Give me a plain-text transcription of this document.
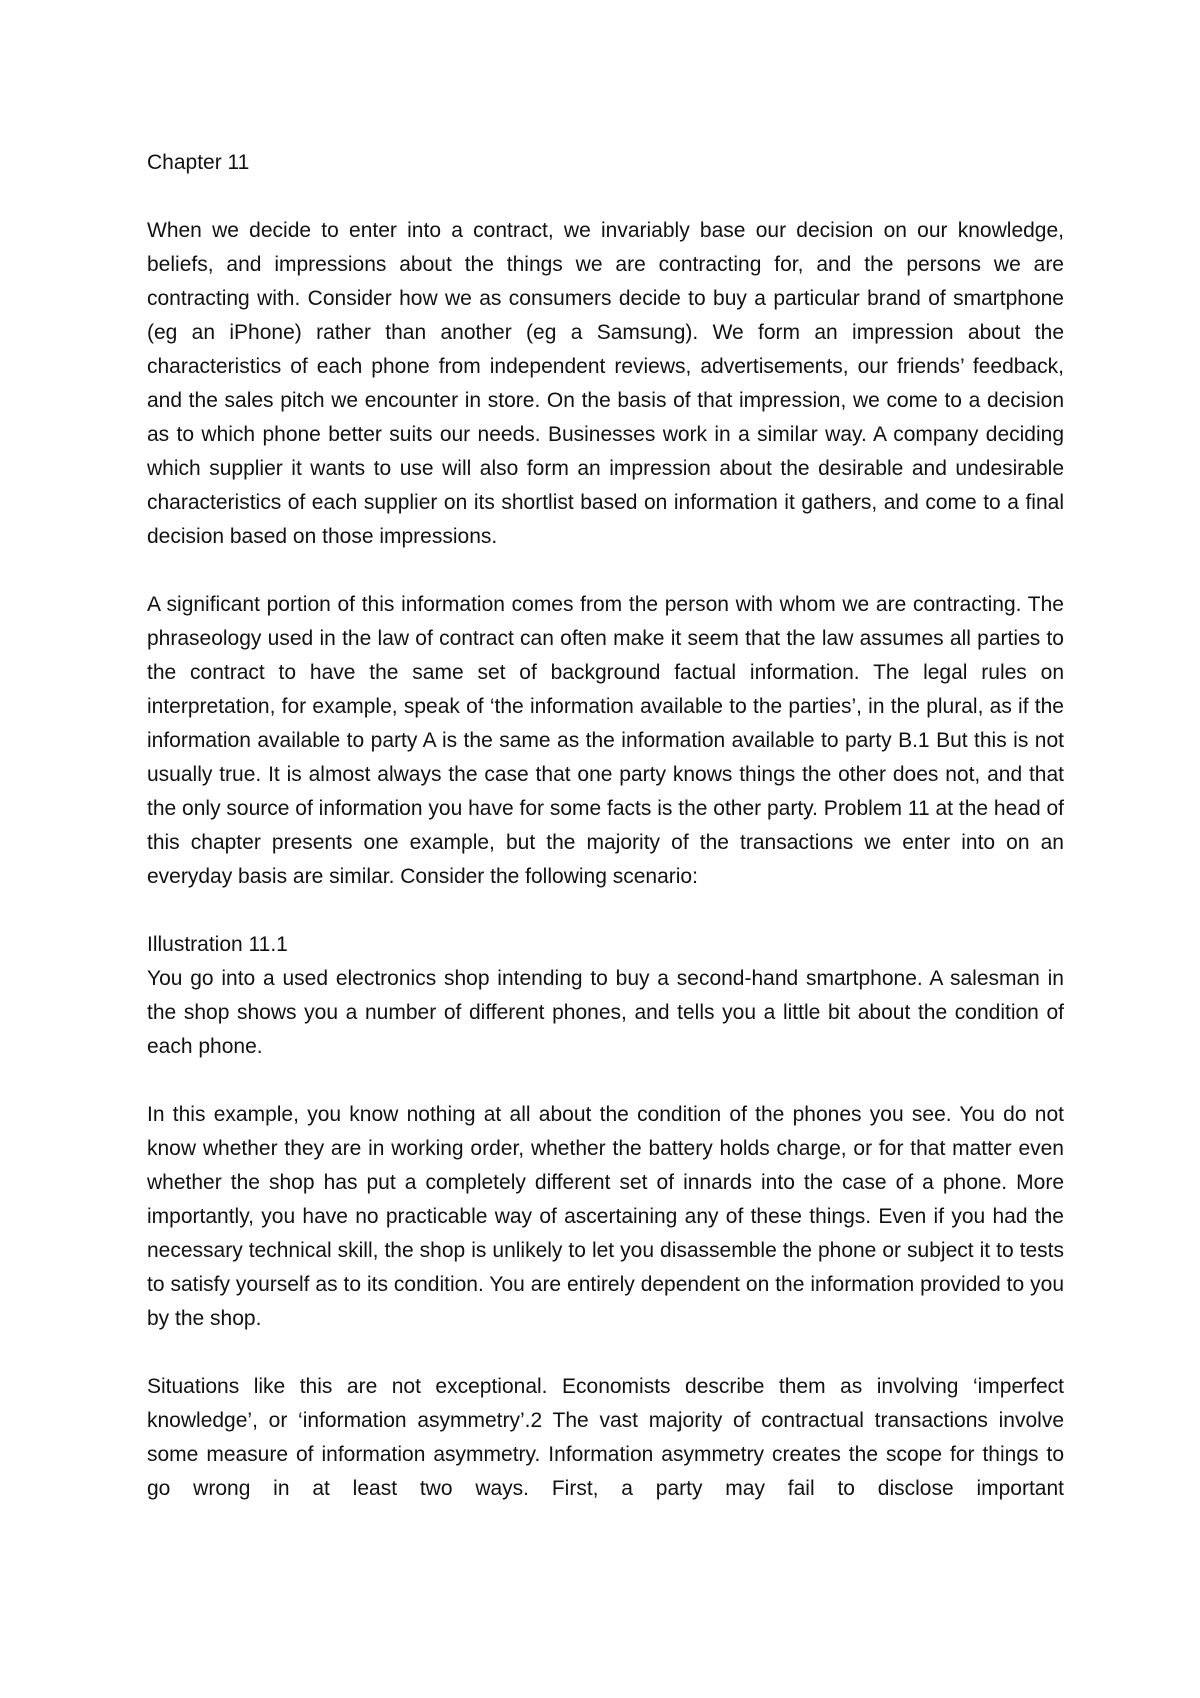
Chapter 11

When we decide to enter into a contract, we invariably base our decision on our knowledge, beliefs, and impressions about the things we are contracting for, and the persons we are contracting with. Consider how we as consumers decide to buy a particular brand of smartphone (eg an iPhone) rather than another (eg a Samsung). We form an impression about the characteristics of each phone from independent reviews, advertisements, our friends’ feedback, and the sales pitch we encounter in store. On the basis of that impression, we come to a decision as to which phone better suits our needs. Businesses work in a similar way. A company deciding which supplier it wants to use will also form an impression about the desirable and undesirable characteristics of each supplier on its shortlist based on information it gathers, and come to a final decision based on those impressions.

A significant portion of this information comes from the person with whom we are contracting. The phraseology used in the law of contract can often make it seem that the law assumes all parties to the contract to have the same set of background factual information. The legal rules on interpretation, for example, speak of ‘the information available to the parties’, in the plural, as if the information available to party A is the same as the information available to party B.1 But this is not usually true. It is almost always the case that one party knows things the other does not, and that the only source of information you have for some facts is the other party. Problem 11 at the head of this chapter presents one example, but the majority of the transactions we enter into on an everyday basis are similar. Consider the following scenario:

Illustration 11.1

You go into a used electronics shop intending to buy a second-hand smartphone. A salesman in the shop shows you a number of different phones, and tells you a little bit about the condition of each phone.

In this example, you know nothing at all about the condition of the phones you see. You do not know whether they are in working order, whether the battery holds charge, or for that matter even whether the shop has put a completely different set of innards into the case of a phone. More importantly, you have no practicable way of ascertaining any of these things. Even if you had the necessary technical skill, the shop is unlikely to let you disassemble the phone or subject it to tests to satisfy yourself as to its condition. You are entirely dependent on the information provided to you by the shop.

Situations like this are not exceptional. Economists describe them as involving ‘imperfect knowledge’, or ‘information asymmetry’.2 The vast majority of contractual transactions involve some measure of information asymmetry. Information asymmetry creates the scope for things to go wrong in at least two ways. First, a party may fail to disclose important
